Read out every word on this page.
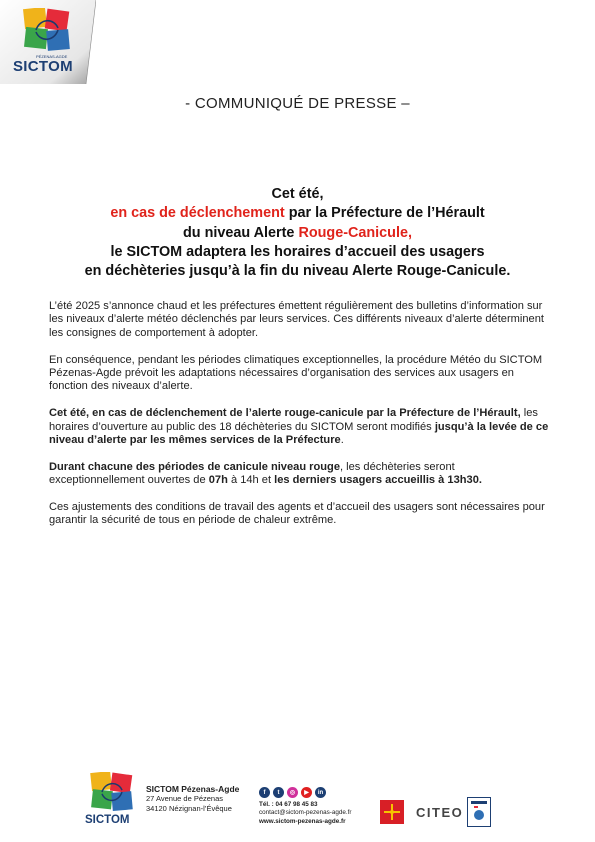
PÉZENAS-AGDE
SICTOM
- COMMUNIQUÉ DE PRESSE –
Cet été,
en cas de déclenchement par la Préfecture de l’Hérault
du niveau Alerte Rouge-Canicule,
le SICTOM adaptera les horaires d’accueil des usagers
en déchèteries jusqu’à la fin du niveau Alerte Rouge-Canicule.

L’été 2025 s’annonce chaud et les préfectures émettent régulièrement des bulletins d’information sur les niveaux d’alerte météo déclenchés par leurs services. Ces différents niveaux d’alerte déterminent les consignes de comportement à adopter.

En conséquence, pendant les périodes climatiques exceptionnelles, la procédure Météo du SICTOM Pézenas-Agde prévoit les adaptations nécessaires d’organisation des services aux usagers en fonction des niveaux d’alerte.

Cet été, en cas de déclenchement de l’alerte rouge-canicule par la Préfecture de l’Hérault, les horaires d’ouverture au public des 18 déchèteries du SICTOM seront modifiés jusqu’à la levée de ce niveau d’alerte par les mêmes services de la Préfecture.

Durant chacune des périodes de canicule niveau rouge, les déchèteries seront exceptionnellement ouvertes de 07h à 14h et les derniers usagers accueillis à 13h30.

Ces ajustements des conditions de travail des agents et d’accueil des usagers sont nécessaires pour garantir la sécurité de tous en période de chaleur extrême.

SICTOM
SICTOM Pézenas-Agde
27 Avenue de Pézenas
34120 Nézignan-l’Évêque
f	t	◎	▶	in
Tél. : 04 67 98 45 83
contact@sictom-pezenas-agde.fr
www.sictom-pezenas-agde.fr
CITEO
